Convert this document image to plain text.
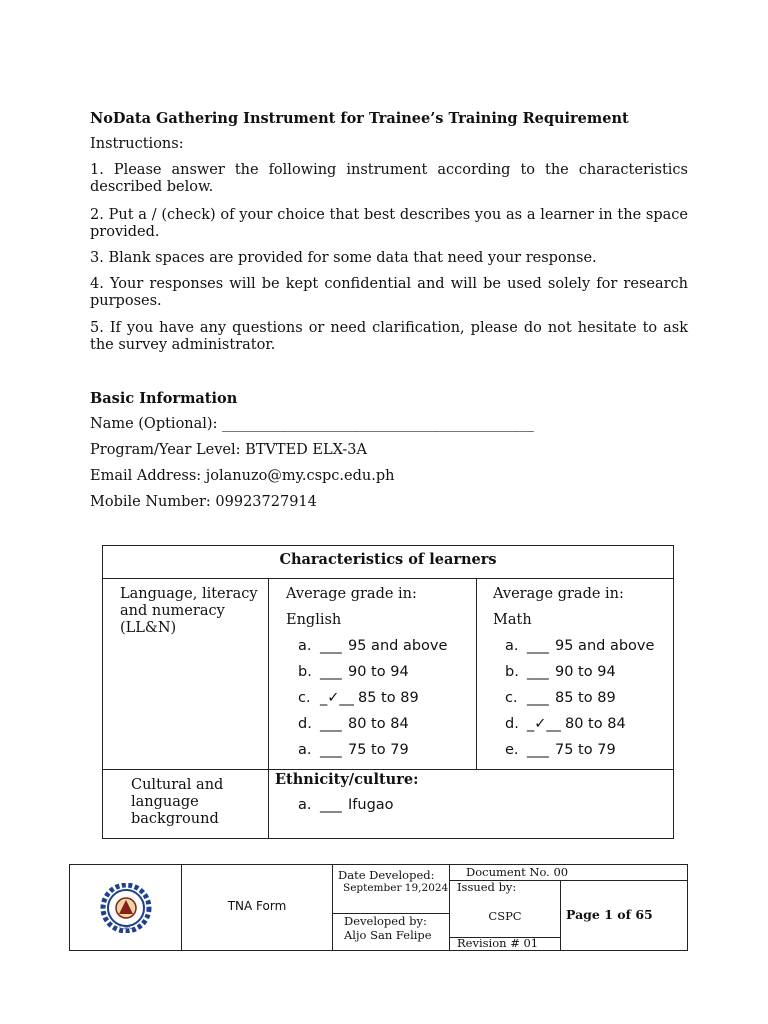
NoData Gathering Instrument for Trainee’s Training Requirement
Instructions:
1. Please answer the following instrument according to the characteristics described below.
2. Put a / (check) of your choice that best describes you as a learner in the space provided.
3. Blank spaces are provided for some data that need your response.
4. Your responses will be kept confidential and will be used solely for research purposes.
5. If you have any questions or need clarification, please do not hesitate to ask the survey administrator.
Basic Information
Name (Optional): ___________________________________________
Program/Year Level: BTVTED ELX-3A
Email Address: jolanuzo@my.cspc.edu.ph
Mobile Number: 09923727914
Characteristics of learners
Language, literacy and numeracy (LL&N)
Average grade in:
English
a. ___ 95 and above
b. ___ 90 to 94
c. _✓__ 85 to 89
d. ___ 80 to 84
a. ___ 75 to 79
Average grade in:
Math
a. ___ 95 and above
b. ___ 90 to 94
c. ___ 85 to 89
d. _✓__ 80 to 84
e. ___ 75 to 79
Cultural and language background
Ethnicity/culture:
a. ___ Ifugao
CSPC
TNA Form
Date Developed:
September 19,2024
Developed by:
Aljo San Felipe
Document No. 00
Issued by:
CSPC
Revision # 01
Page 1 of 65
